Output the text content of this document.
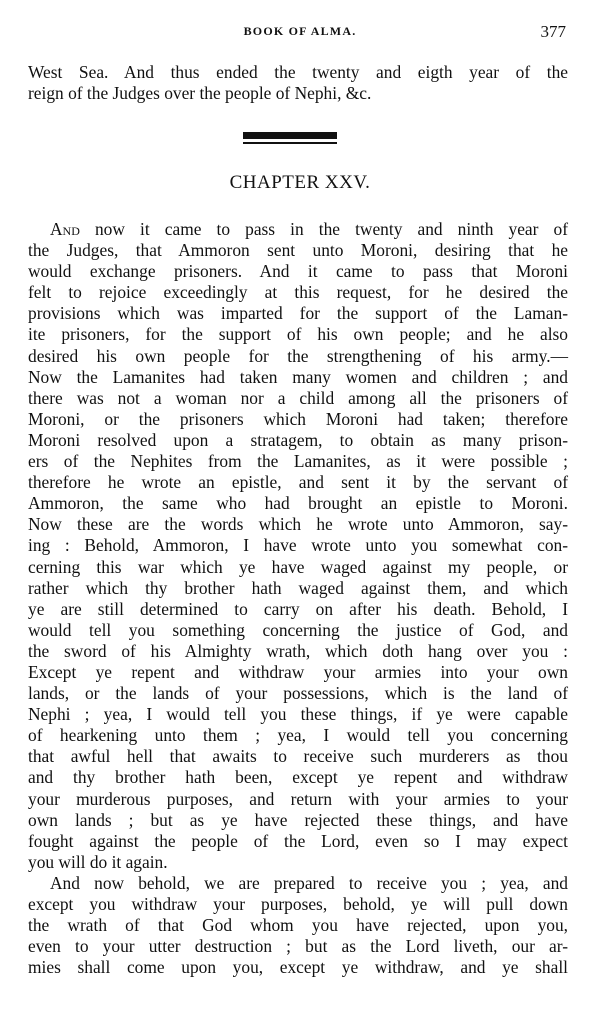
BOOK OF ALMA.	377
West Sea. And thus ended the twenty and eigth year of the
reign of the Judges over the people of Nephi, &c.
CHAPTER XXV.
And now it came to pass in the twenty and ninth year of
the Judges, that Ammoron sent unto Moroni, desiring that he
would exchange prisoners. And it came to pass that Moroni
felt to rejoice exceedingly at this request, for he desired the
provisions which was imparted for the support of the Laman-
ite prisoners, for the support of his own people; and he also
desired his own people for the strengthening of his army.—
Now the Lamanites had taken many women and children ; and
there was not a woman nor a child among all the prisoners of
Moroni, or the prisoners which Moroni had taken; therefore
Moroni resolved upon a stratagem, to obtain as many prison-
ers of the Nephites from the Lamanites, as it were possible ;
therefore he wrote an epistle, and sent it by the servant of
Ammoron, the same who had brought an epistle to Moroni.
Now these are the words which he wrote unto Ammoron, say-
ing : Behold, Ammoron, I have wrote unto you somewhat con-
cerning this war which ye have waged against my people, or
rather which thy brother hath waged against them, and which
ye are still determined to carry on after his death. Behold, I
would tell you something concerning the justice of God, and
the sword of his Almighty wrath, which doth hang over you :
Except ye repent and withdraw your armies into your own
lands, or the lands of your possessions, which is the land of
Nephi ; yea, I would tell you these things, if ye were capable
of hearkening unto them ; yea, I would tell you concerning
that awful hell that awaits to receive such murderers as thou
and thy brother hath been, except ye repent and withdraw
your murderous purposes, and return with your armies to your
own lands ; but as ye have rejected these things, and have
fought against the people of the Lord, even so I may expect
you will do it again.
And now behold, we are prepared to receive you ; yea, and
except you withdraw your purposes, behold, ye will pull down
the wrath of that God whom you have rejected, upon you,
even to your utter destruction ; but as the Lord liveth, our ar-
mies shall come upon you, except ye withdraw, and ye shall
